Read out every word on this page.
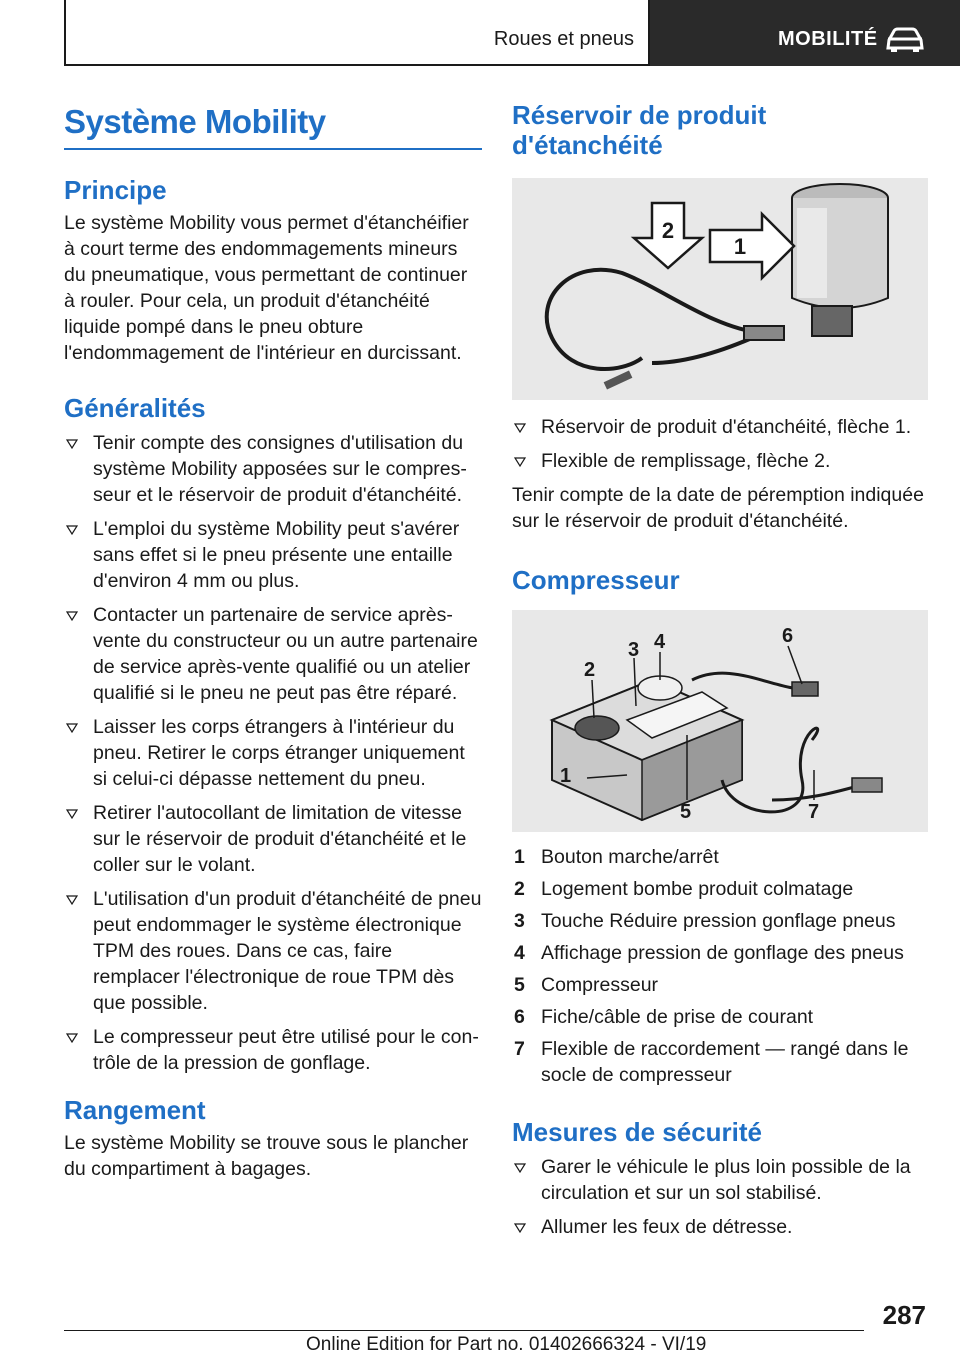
Roues et pneus	MOBILITÉ
Système Mobility
Principe

Le système Mobility vous permet d'étanchéifier à court terme des endommagements mineurs du pneumatique, vous permettant de continuer à rouler. Pour cela, un produit d'étanchéité liquide pompé dans le pneu obture l'endommagement de l'intérieur en durcissant.

Généralités
Tenir compte des consignes d'utilisation du système Mobility apposées sur le compres‐seur et le réservoir de produit d'étanchéité.
L'emploi du système Mobility peut s'avérer sans effet si le pneu présente une entaille d'environ 4 mm ou plus.
Contacter un partenaire de service après-vente du constructeur ou un autre partenaire de service après-vente qualifié ou un atelier qualifié si le pneu ne peut pas être réparé.
Laisser les corps étrangers à l'intérieur du pneu. Retirer le corps étranger uniquement si celui-ci dépasse nettement du pneu.
Retirer l'autocollant de limitation de vitesse sur le réservoir de produit d'étanchéité et le coller sur le volant.
L'utilisation d'un produit d'étanchéité de pneu peut endommager le système électronique TPM des roues. Dans ce cas, faire remplacer l'électronique de roue TPM dès que possible.
Le compresseur peut être utilisé pour le con‐trôle de la pression de gonflage.
Rangement

Le système Mobility se trouve sous le plancher du compartiment à bagages.

Réservoir de produit
d'étanchéité
2
1
Réservoir de produit d'étanchéité, flèche 1.
Flexible de remplissage, flèche 2.

Tenir compte de la date de péremption indiquée sur le réservoir de produit d'étanchéité.

Compresseur
1
2
3 4
5
6
7
1 Bouton marche/arrêt
2 Logement bombe produit colmatage
3 Touche Réduire pression gonflage pneus
4 Affichage pression de gonflage des pneus
5 Compresseur
6 Fiche/câble de prise de courant
7 Flexible de raccordement — rangé dans le socle de compresseur
Mesures de sécurité
Garer le véhicule le plus loin possible de la circulation et sur un sol stabilisé.
Allumer les feux de détresse.
287
Online Edition for Part no. 01402666324 - VI/19
